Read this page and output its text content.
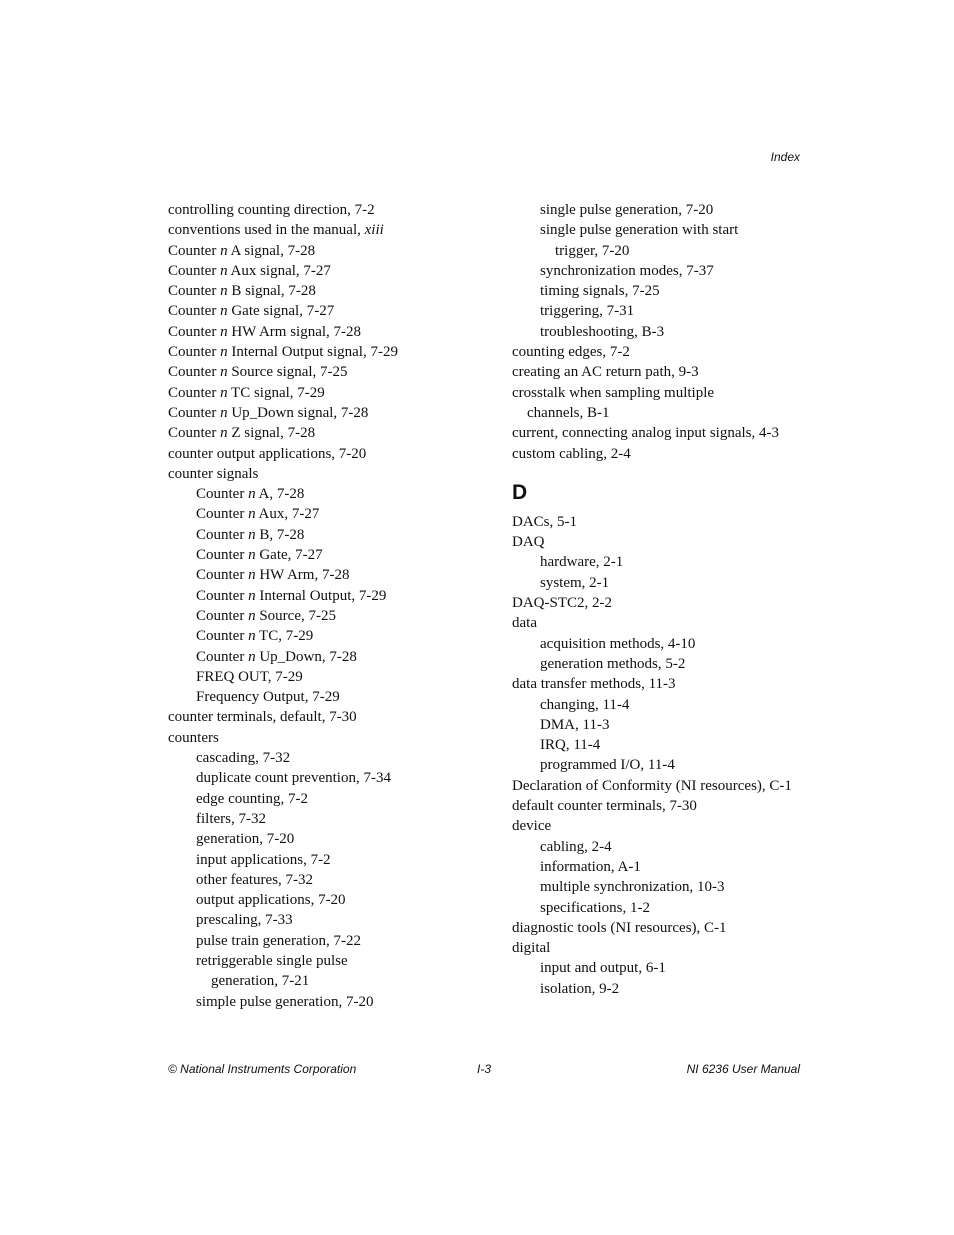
Index
controlling counting direction, 7-2
conventions used in the manual, xiii
Counter n A signal, 7-28
Counter n Aux signal, 7-27
Counter n B signal, 7-28
Counter n Gate signal, 7-27
Counter n HW Arm signal, 7-28
Counter n Internal Output signal, 7-29
Counter n Source signal, 7-25
Counter n TC signal, 7-29
Counter n Up_Down signal, 7-28
Counter n Z signal, 7-28
counter output applications, 7-20
counter signals
Counter n A, 7-28
Counter n Aux, 7-27
Counter n B, 7-28
Counter n Gate, 7-27
Counter n HW Arm, 7-28
Counter n Internal Output, 7-29
Counter n Source, 7-25
Counter n TC, 7-29
Counter n Up_Down, 7-28
FREQ OUT, 7-29
Frequency Output, 7-29
counter terminals, default, 7-30
counters
cascading, 7-32
duplicate count prevention, 7-34
edge counting, 7-2
filters, 7-32
generation, 7-20
input applications, 7-2
other features, 7-32
output applications, 7-20
prescaling, 7-33
pulse train generation, 7-22
retriggerable single pulse
generation, 7-21
simple pulse generation, 7-20
single pulse generation, 7-20
single pulse generation with start
trigger, 7-20
synchronization modes, 7-37
timing signals, 7-25
triggering, 7-31
troubleshooting, B-3
counting edges, 7-2
creating an AC return path, 9-3
crosstalk when sampling multiple
channels, B-1
current, connecting analog input signals, 4-3
custom cabling, 2-4
D
DACs, 5-1
DAQ
hardware, 2-1
system, 2-1
DAQ-STC2, 2-2
data
acquisition methods, 4-10
generation methods, 5-2
data transfer methods, 11-3
changing, 11-4
DMA, 11-3
IRQ, 11-4
programmed I/O, 11-4
Declaration of Conformity (NI resources), C-1
default counter terminals, 7-30
device
cabling, 2-4
information, A-1
multiple synchronization, 10-3
specifications, 1-2
diagnostic tools (NI resources), C-1
digital
input and output, 6-1
isolation, 9-2
© National Instruments Corporation	I-3	NI 6236 User Manual
